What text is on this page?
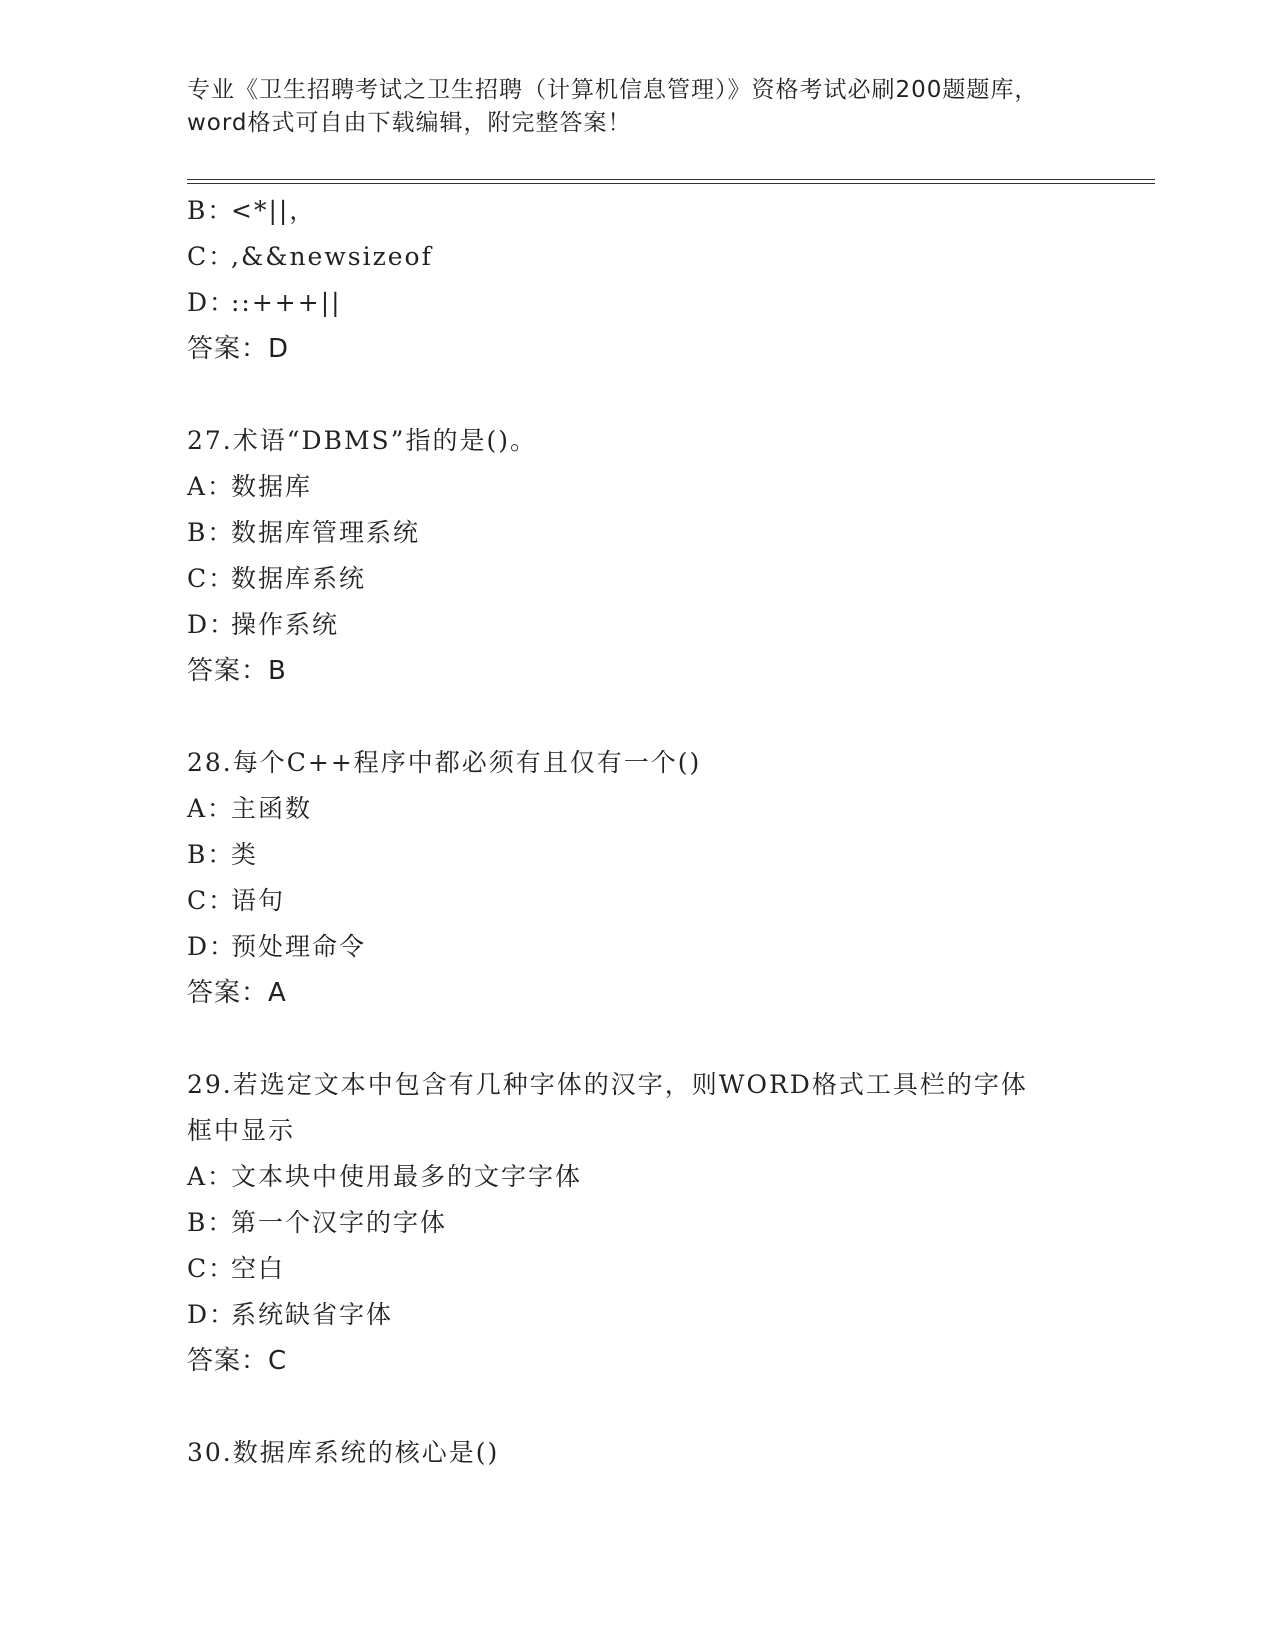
专业《卫生招聘考试之卫生招聘（计算机信息管理）》资格考试必刷200题题库，
word格式可自由下载编辑，附完整答案！
B：<*||，
C：,&&newsizeof
D：::+++||
答案：D
27.术语“DBMS”指的是()。
A：数据库
B：数据库管理系统
C：数据库系统
D：操作系统
答案：B
28.每个C++程序中都必须有且仅有一个()
A：主函数
B：类
C：语句
D：预处理命令
答案：A
29.若选定文本中包含有几种字体的汉字，则WORD格式工具栏的字体
框中显示
A：文本块中使用最多的文字字体
B：第一个汉字的字体
C：空白
D：系统缺省字体
答案：C
30.数据库系统的核心是()
